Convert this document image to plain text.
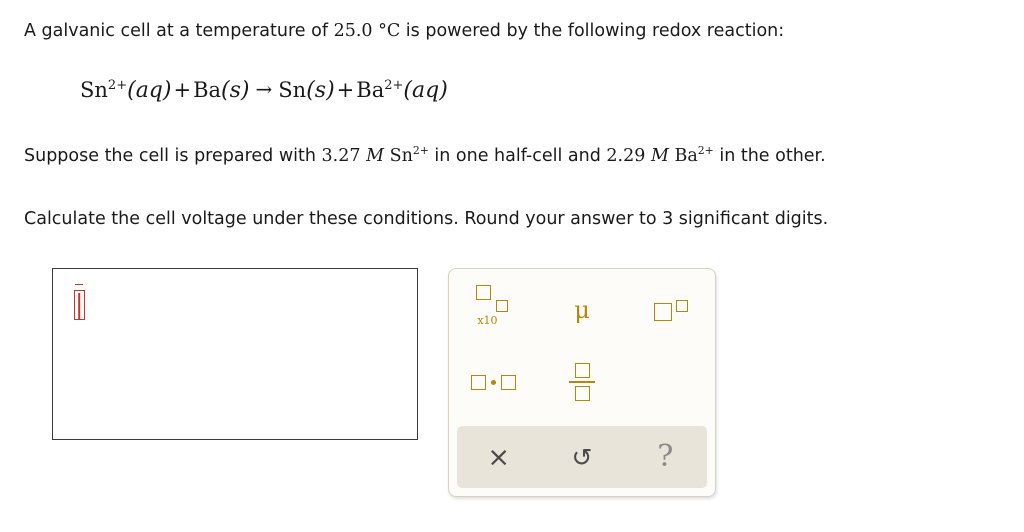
A galvanic cell at a temperature of 25.0 °C is powered by the following redox reaction:
$Sn^{2+}(aq)+Ba(s) \to Sn(s)+Ba^{2+}(aq)$
Suppose the cell is prepared with 3.27 M $Sn^{2+}$ in one half-cell and 2.29 M $Ba^{2+}$ in the other.
Calculate the cell voltage under these conditions. Round your answer to 3 significant digits.
$_{x10}$	μ
×	↺	?
